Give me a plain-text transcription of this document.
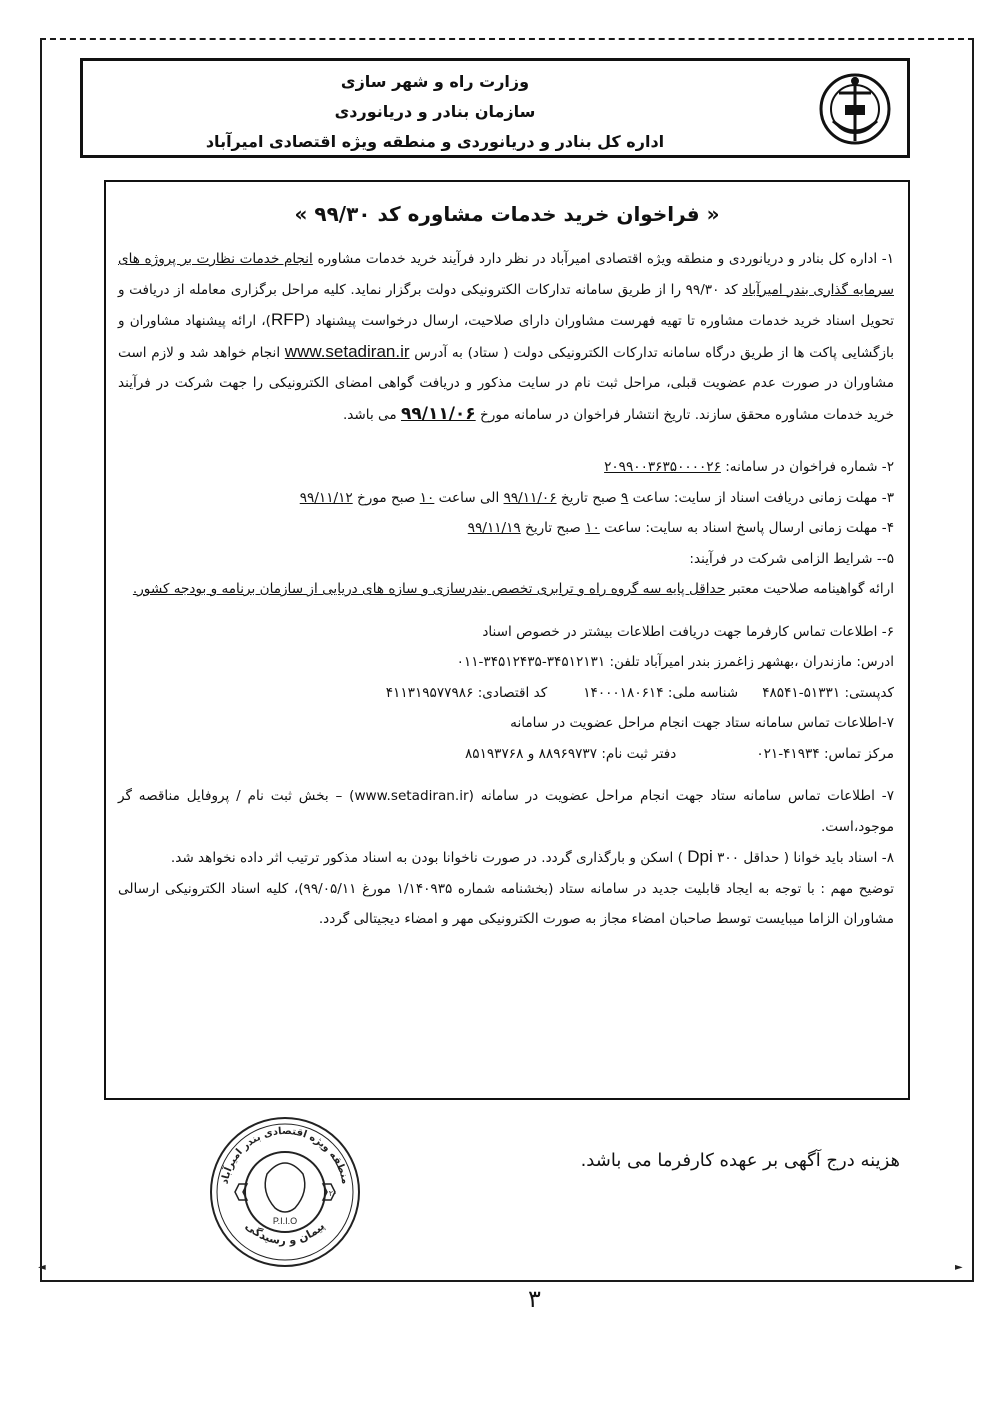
◄	►
وزارت راه و شهر سازی
سازمان بنادر و دریانوردی
اداره کل بنادر و دریانوردی و منطقه ویژه اقتصادی امیرآباد
« فراخوان خرید خدمات مشاوره کد ۹۹/۳۰ »

۱- اداره کل بنادر و دریانوردی و منطقه ویژه اقتصادی امیرآباد در نظر دارد فرآیند خرید خدمات مشاوره انجام خدمات نظارت بر پروژه های سرمایه گذاری بندر امیرآباد کد ۹۹/۳۰ را از طریق سامانه تدارکات الکترونیکی دولت برگزار نماید. کلیه مراحل برگزاری معامله از دریافت و تحویل اسناد خرید خدمات مشاوره تا تهیه فهرست مشاوران دارای صلاحیت، ارسال درخواست پیشنهاد (RFP)، ارائه پیشنهاد مشاوران و بازگشایی پاکت ها از طریق درگاه سامانه تدارکات الکترونیکی دولت ( ستاد) به آدرس www.setadiran.ir انجام خواهد شد و لازم است مشاوران در صورت عدم عضویت قبلی، مراحل ثبت نام در سایت مذکور و دریافت گواهی امضای الکترونیکی را جهت شرکت در فرآیند خرید خدمات مشاوره محقق سازند. تاریخ انتشار فراخوان در سامانه مورخ ۹۹/۱۱/۰۶ می باشد.

۲- شماره فراخوان در سامانه: ۲۰۹۹۰۰۳۶۳۵۰۰۰۰۲۶
۳- مهلت زمانی دریافت اسناد از سایت: ساعت ۹ صبح تاریخ ۹۹/۱۱/۰۶ الی ساعت ۱۰ صبح مورخ ۹۹/۱۱/۱۲
۴- مهلت زمانی ارسال پاسخ اسناد به سایت: ساعت ۱۰ صبح تاریخ ۹۹/۱۱/۱۹
۵-- شرایط الزامی شرکت در فرآیند:

ارائه گواهینامه صلاحیت معتبر حداقل پایه سه گروه راه و ترابری تخصص بندرسازی و سازه های دریایی از سازمان برنامه و بودجه کشور.

۶- اطلاعات تماس کارفرما جهت دریافت اطلاعات بیشتر در خصوص اسناد
ادرس: مازندران ،بهشهر زاغمرز بندر امیرآباد تلفن: ۳۴۵۱۲۱۳۱-۳۴۵۱۲۴۳۵-۰۱۱
کدپستی: ۵۱۳۳۱-۴۸۵۴۱شناسه ملی: ۱۴۰۰۰۱۸۰۶۱۴کد اقتصادی: ۴۱۱۳۱۹۵۷۷۹۸۶
۷-اطلاعات تماس سامانه ستاد جهت انجام مراحل عضویت در سامانه
مرکز تماس: ۴۱۹۳۴-۰۲۱دفتر ثبت نام: ۸۸۹۶۹۷۳۷ و ۸۵۱۹۳۷۶۸

۷- اطلاعات تماس سامانه ستاد جهت انجام مراحل عضویت در سامانه (www.setadiran.ir) – بخش ثبت نام / پروفایل مناقصه گر موجود،است.

۸- اسناد باید خوانا ( حداقل Dpi ۳۰۰ ) اسکن و بارگذاری گردد. در صورت ناخوانا بودن به اسناد مذکور ترتیب اثر داده نخواهد شد.

توضیح مهم : با توجه به ایجاد قابلیت جدید در سامانه ستاد (بخشنامه شماره ۱/۱۴۰۹۳۵ مورغ ۹۹/۰۵/۱۱)، کلیه اسناد الکترونیکی ارسالی مشاوران الزاما میبایست توسط صاحبان امضاء مجاز به صورت الکترونیکی مهر و امضاء دیجیتالی گردد.

منطقه ویژه اقتصادی بندر امیرآباد
پیمان و رسیدگی
P.I.I.O
۲۰
هزینه درج آگهی بر عهده کارفرما می باشد.
۳
